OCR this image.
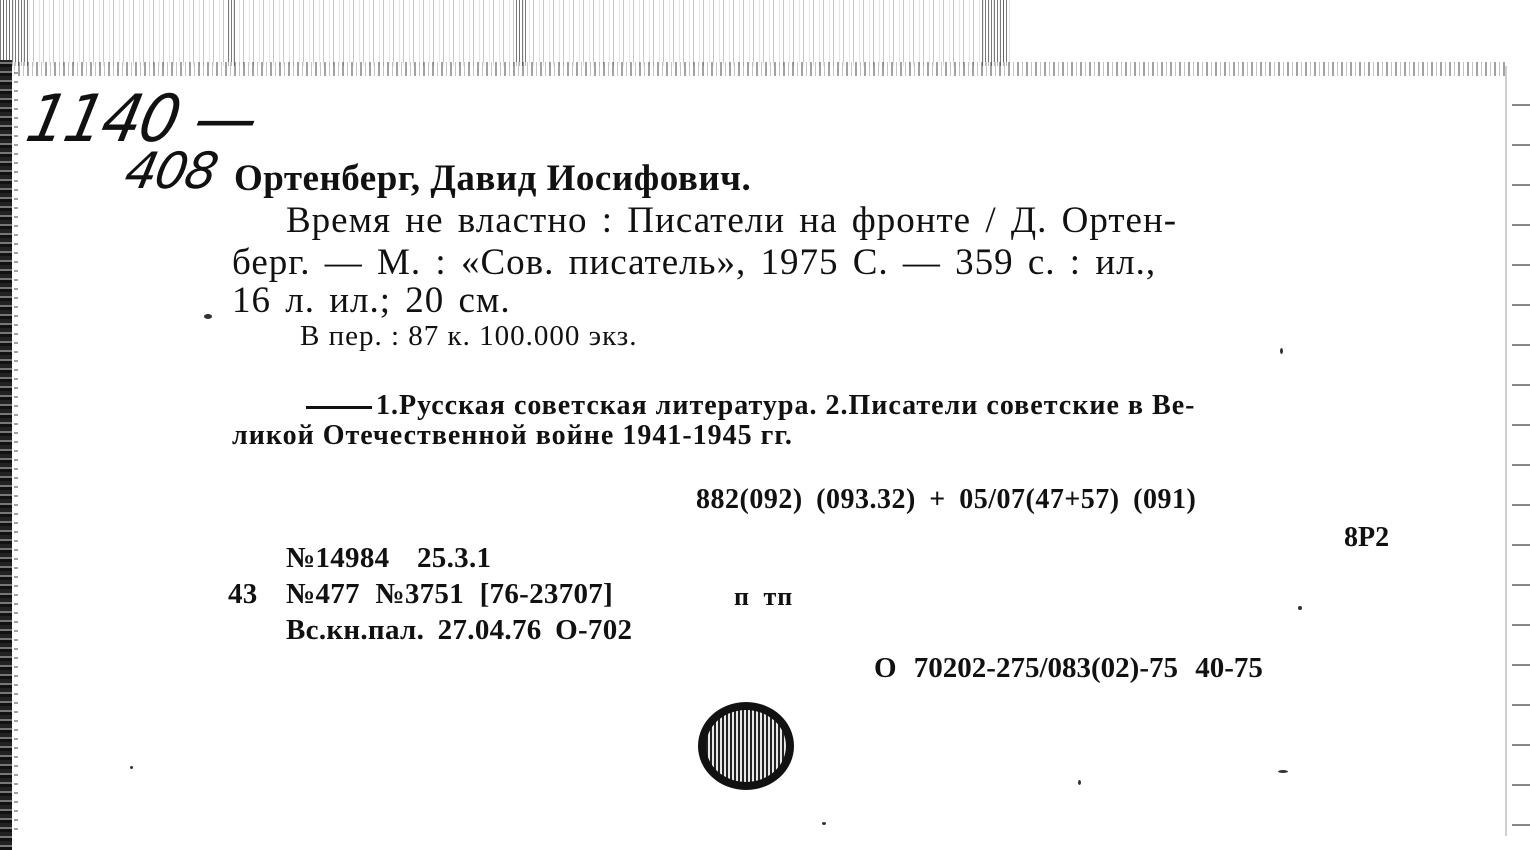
1140 —
408 Ортенберг, Давид Иосифович.
Время не властно : Писатели на фронте / Д. Ортен-
берг. — М. : «Сов. писатель», 1975 С. — 359 с. : ил.,
16 л. ил.; 20 см.
В пер. : 87 к. 100.000 экз.
1.Русская советская литература. 2.Писатели советские в Ве-
ликой Отечественной войне 1941-1945 гг.
882(092) (093.32) + 05/07(47+57) (091)
8Р2
№14984 25.3.1
43 №477 №3751 [76-23707]	п тп
Вс.кн.пал. 27.04.76 О-702
О 70202-275/083(02)-75 40-75
